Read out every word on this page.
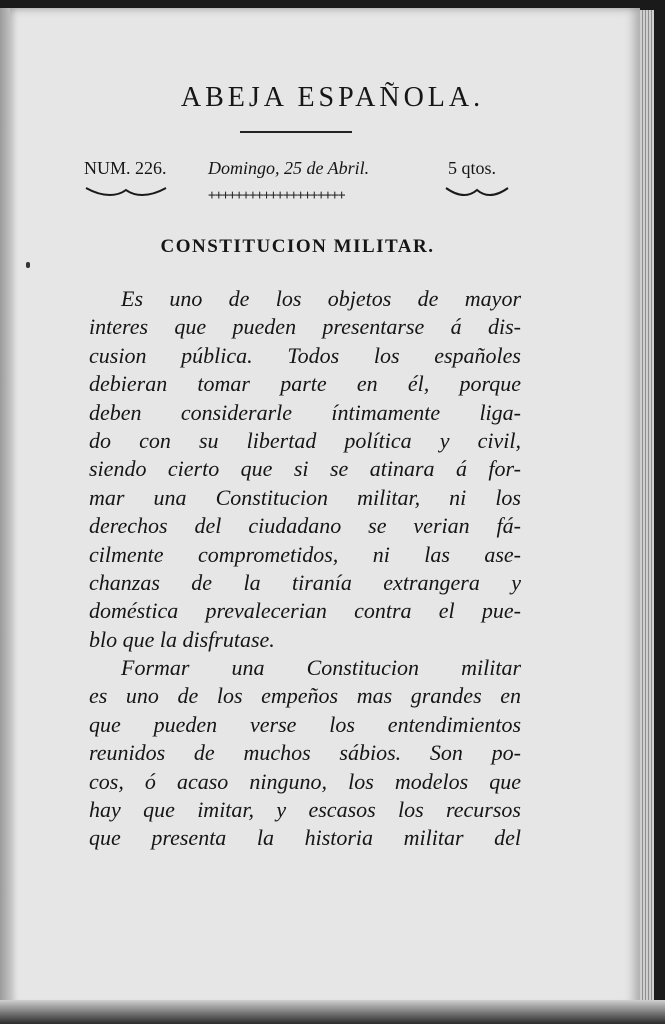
ABEJA ESPAÑOLA.
NUM. 226. Domingo, 25 de Abril.	5 qtos.
++++++++++++++++++++
CONSTITUCION MILITAR.
Es uno de los objetos de mayor
interes que pueden presentarse á dis-
cusion pública. Todos los españoles
debieran tomar parte en él, porque
deben considerarle íntimamente liga-
do con su libertad política y civil,
siendo cierto que si se atinara á for-
mar una Constitucion militar, ni los
derechos del ciudadano se verian fá-
cilmente comprometidos, ni las ase-
chanzas de la tiranía extrangera y
doméstica prevalecerian contra el pue-
blo que la disfrutase.
Formar una Constitucion militar
es uno de los empeños mas grandes en
que pueden verse los entendimientos
reunidos de muchos sábios. Son po-
cos, ó acaso ninguno, los modelos que
hay que imitar, y escasos los recursos
que presenta la historia militar del
